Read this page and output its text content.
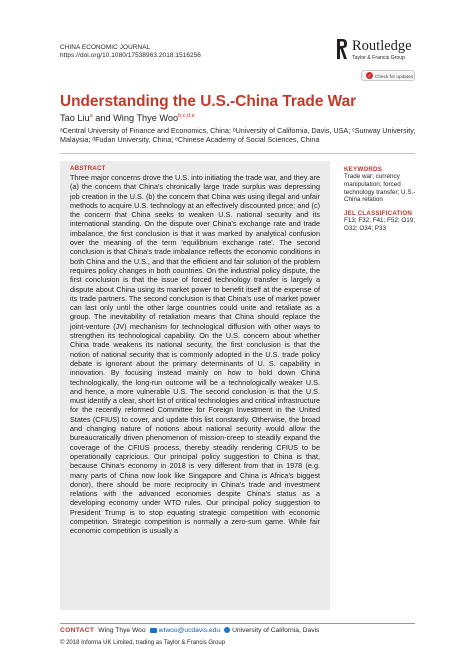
CHINA ECONOMIC JOURNAL
https://doi.org/10.1080/17538963.2018.1516256
Routledge
Taylor & Francis Group
✓ Check for updates
Understanding the U.S.-China Trade War
Tao Liu$^a$ and Wing Thye Woo$^{b,c,d,e}$
ᵃCentral University of Finance and Economics, China; ᵇUniversity of California, Davis, USA; ᶜSunway University, Malaysia; ᵈFudan University, China; ᵉChinese Academy of Social Sciences, China
ABSTRACT
Three major concerns drove the U.S. into initiating the trade war, and they are (a) the concern that China's chronically large trade surplus was depressing job creation in the U.S. (b) the concern that China was using illegal and unfair methods to acquire U.S. technology at an effectively discounted price; and (c) the concern that China seeks to weaken U.S. national security and its international standing. On the dispute over China's exchange rate and trade imbalance, the first conclusion is that it was marked by analytical confusion over the meaning of the term 'equilibrium exchange rate'. The second conclusion is that China's trade imbalance reflects the economic conditions in both China and the U.S., and that the efficient and fair solution of the problem requires policy changes in both countries. On the industrial policy dispute, the first conclusion is that the issue of forced technology transfer is largely a dispute about China using its market power to benefit itself at the expense of its trade partners. The second conclusion is that China's use of market power can last only until the other large countries could unite and retaliate as a group. The inevitability of retaliation means that China should replace the joint-venture (JV) mechanism for technological diffusion with other ways to strengthen its technological capability. On the U.S. concern about whether China trade weakens its national security, the first conclusion is that the notion of national security that is commonly adopted in the U.S. trade policy debate is ignorant about the primary determinants of U. S. capability in innovation. By focusing instead mainly on how to hold down China technologically, the long-run outcome will be a technologically weaker U.S. and hence, a more vulnerable U.S. The second conclusion is that the U.S. must identify a clear, short list of critical technologies and critical infrastructure for the recently reformed Committee for Foreign Investment in the United States (CFIUS) to cover, and update this list constantly. Otherwise, the broad and changing nature of notions about national security would allow the bureaucratically driven phenomenon of mission-creep to steadily expand the coverage of the CFIUS process, thereby steadily rendering CFIUS to be operationally capricious. Our principal policy suggestion to China is that, because China's economy in 2018 is very different from that in 1978 (e.g. many parts of China now look like Singapore and China is Africa's biggest donor), there should be more reciprocity in China's trade and investment relations with the advanced economies despite China's status as a developing economy under WTO rules. Our principal policy suggestion to President Trump is to stop equating strategic competition with economic competition. Strategic competition is normally a zero-sum game. While fair economic competition is usually a
KEYWORDS
Trade war; currency manipulation; forced technology transfer; U.S.-China relation
JEL CLASSIFICATION
F13; F32; F41; F52; O19; O32; O34; P33
CONTACT Wing Thye Woo wtwoo@ucdavis.edu University of California, Davis
© 2018 Informa UK Limited, trading as Taylor & Francis Group
